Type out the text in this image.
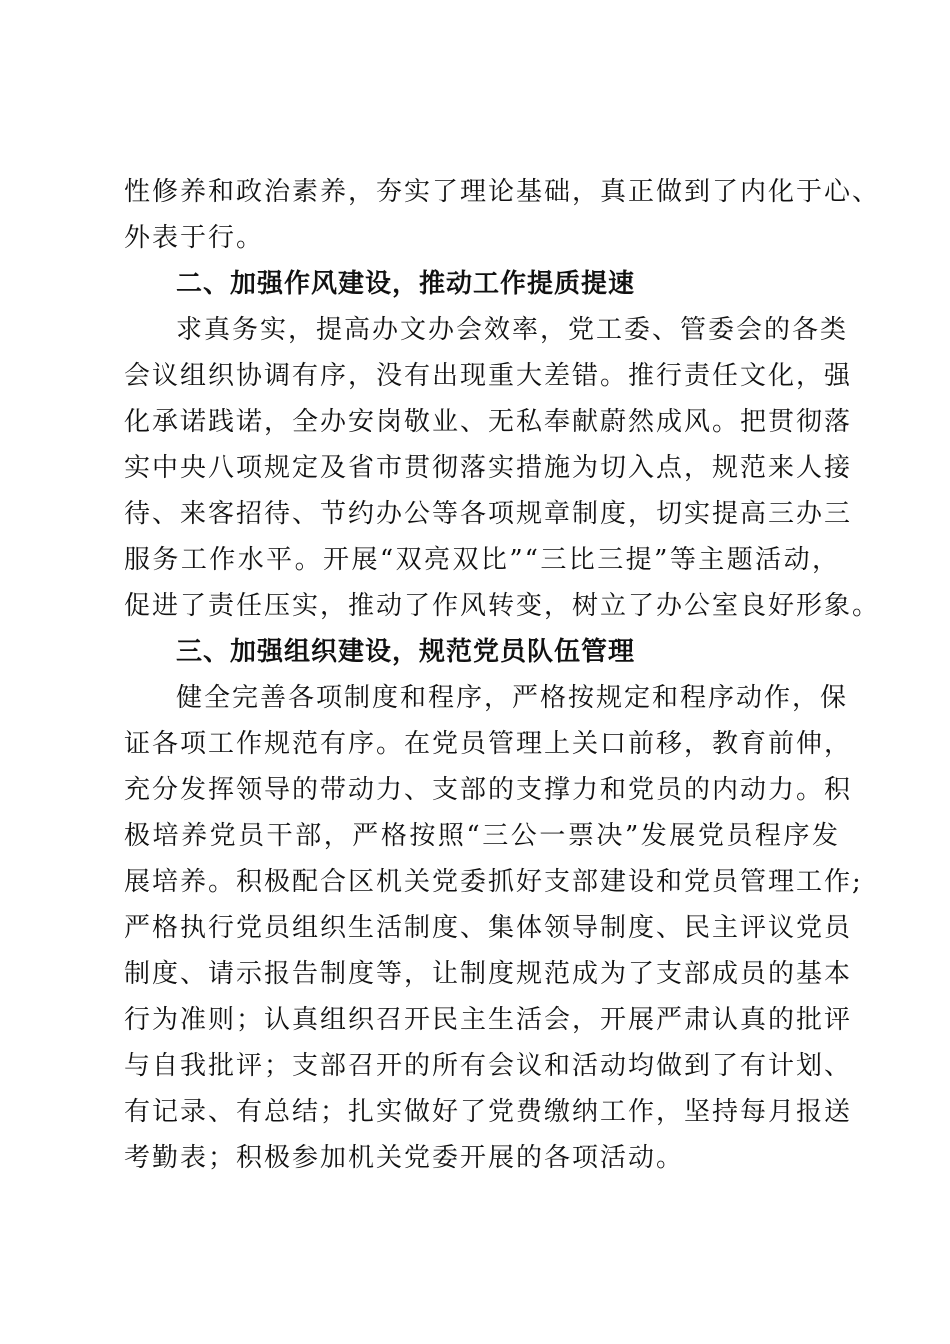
性修养和政治素养，夯实了理论基础，真正做到了内化于心、
外表于行。
二、加强作风建设，推动工作提质提速
求真务实，提高办文办会效率，党工委、管委会的各类
会议组织协调有序，没有出现重大差错。推行责任文化，强
化承诺践诺，全办安岗敬业、无私奉献蔚然成风。把贯彻落
实中央八项规定及省市贯彻落实措施为切入点，规范来人接
待、来客招待、节约办公等各项规章制度，切实提高三办三
服务工作水平。开展“双亮双比”“三比三提”等主题活动，
促进了责任压实，推动了作风转变，树立了办公室良好形象。
三、加强组织建设，规范党员队伍管理
健全完善各项制度和程序，严格按规定和程序动作，保
证各项工作规范有序。在党员管理上关口前移，教育前伸，
充分发挥领导的带动力、支部的支撑力和党员的内动力。积
极培养党员干部，严格按照“三公一票决”发展党员程序发
展培养。积极配合区机关党委抓好支部建设和党员管理工作;
严格执行党员组织生活制度、集体领导制度、民主评议党员
制度、请示报告制度等，让制度规范成为了支部成员的基本
行为准则；认真组织召开民主生活会，开展严肃认真的批评
与自我批评；支部召开的所有会议和活动均做到了有计划、
有记录、有总结；扎实做好了党费缴纳工作，坚持每月报送
考勤表；积极参加机关党委开展的各项活动。
